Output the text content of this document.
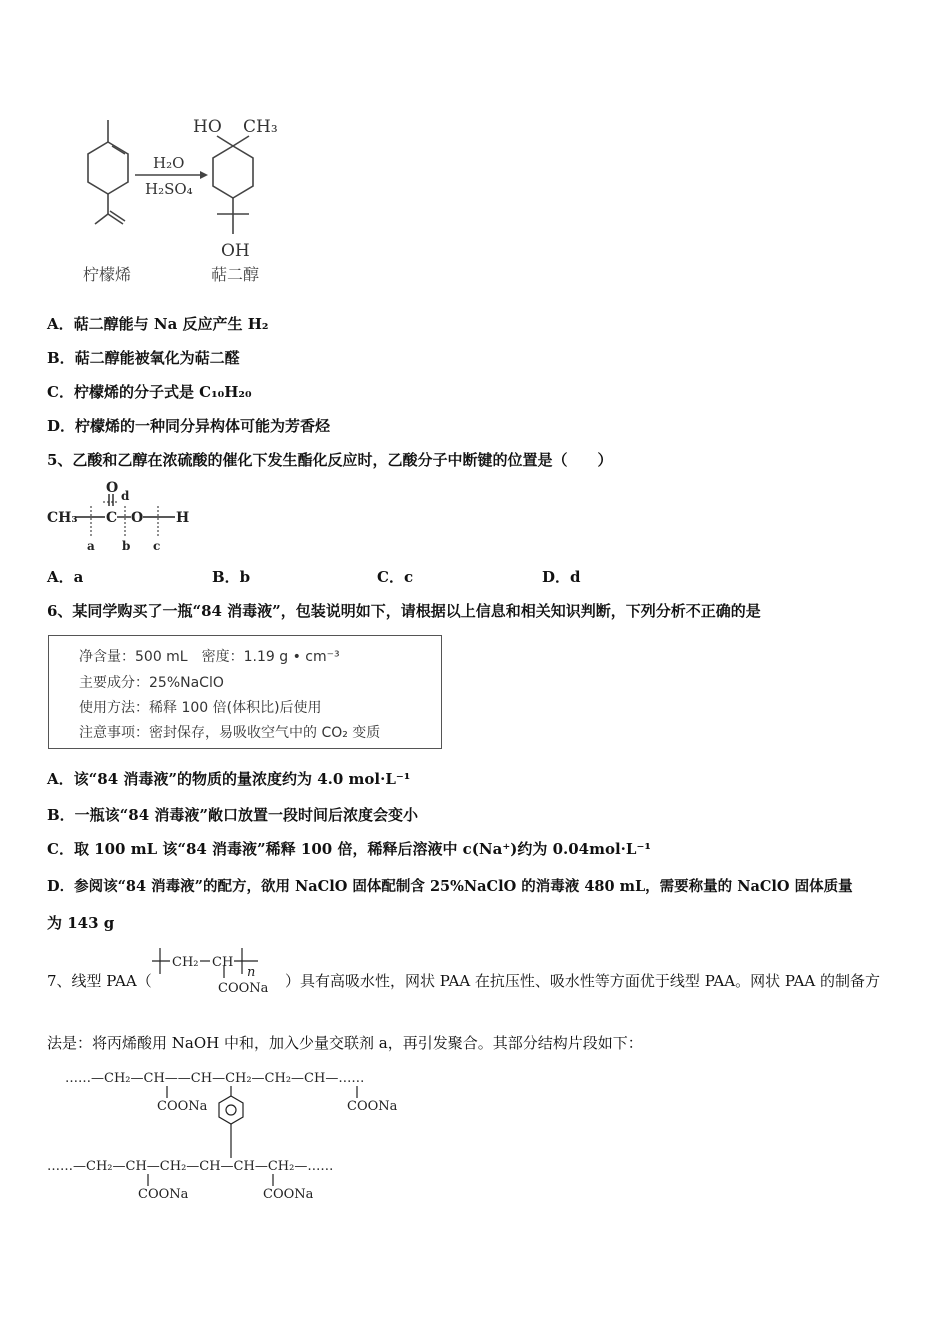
H₂O
H₂SO₄
HO CH₃
OH
柠檬烯	萜二醇
A．萜二醇能与 Na 反应产生 H₂
B．萜二醇能被氧化为萜二醛
C．柠檬烯的分子式是 C₁₀H₂₀
D．柠檬烯的一种同分异构体可能为芳香烃
5、乙酸和乙醇在浓硫酸的催化下发生酯化反应时，乙酸分子中断键的位置是（　　）
CH₃ C
O
O H
d
a b c
A．a	B．b	C．c	D．d
6、某同学购买了一瓶“84 消毒液”，包装说明如下，请根据以上信息和相关知识判断，下列分析不正确的是
净含量：500 mL　密度：1.19 g • cm⁻³
主要成分：25%NaClO
使用方法：稀释 100 倍(体积比)后使用
注意事项：密封保存，易吸收空气中的 CO₂ 变质
A．该“84 消毒液”的物质的量浓度约为 4.0 mol·L⁻¹
B．一瓶该“84 消毒液”敞口放置一段时间后浓度会变小
C．取 100 mL 该“84 消毒液”稀释 100 倍，稀释后溶液中 c(Na⁺)约为 0.04mol·L⁻¹
D．参阅该“84 消毒液”的配方，欲用 NaClO 固体配制含 25%NaClO 的消毒液 480 mL，需要称量的 NaClO 固体质量
为 143 g
7、线型 PAA（
CH₂ CH
n
COONa ）具有高吸水性，网状 PAA 在抗压性、吸水性等方面优于线型 PAA。网状 PAA 的制备方
法是：将丙烯酸用 NaOH 中和，加入少量交联剂 a，再引发聚合。其部分结构片段如下：
……—CH₂—CH——CH—CH₂—CH₂—CH—……
COONa	COONa
……—CH₂—CH—CH₂—CH—CH—CH₂—……
COONa	COONa
